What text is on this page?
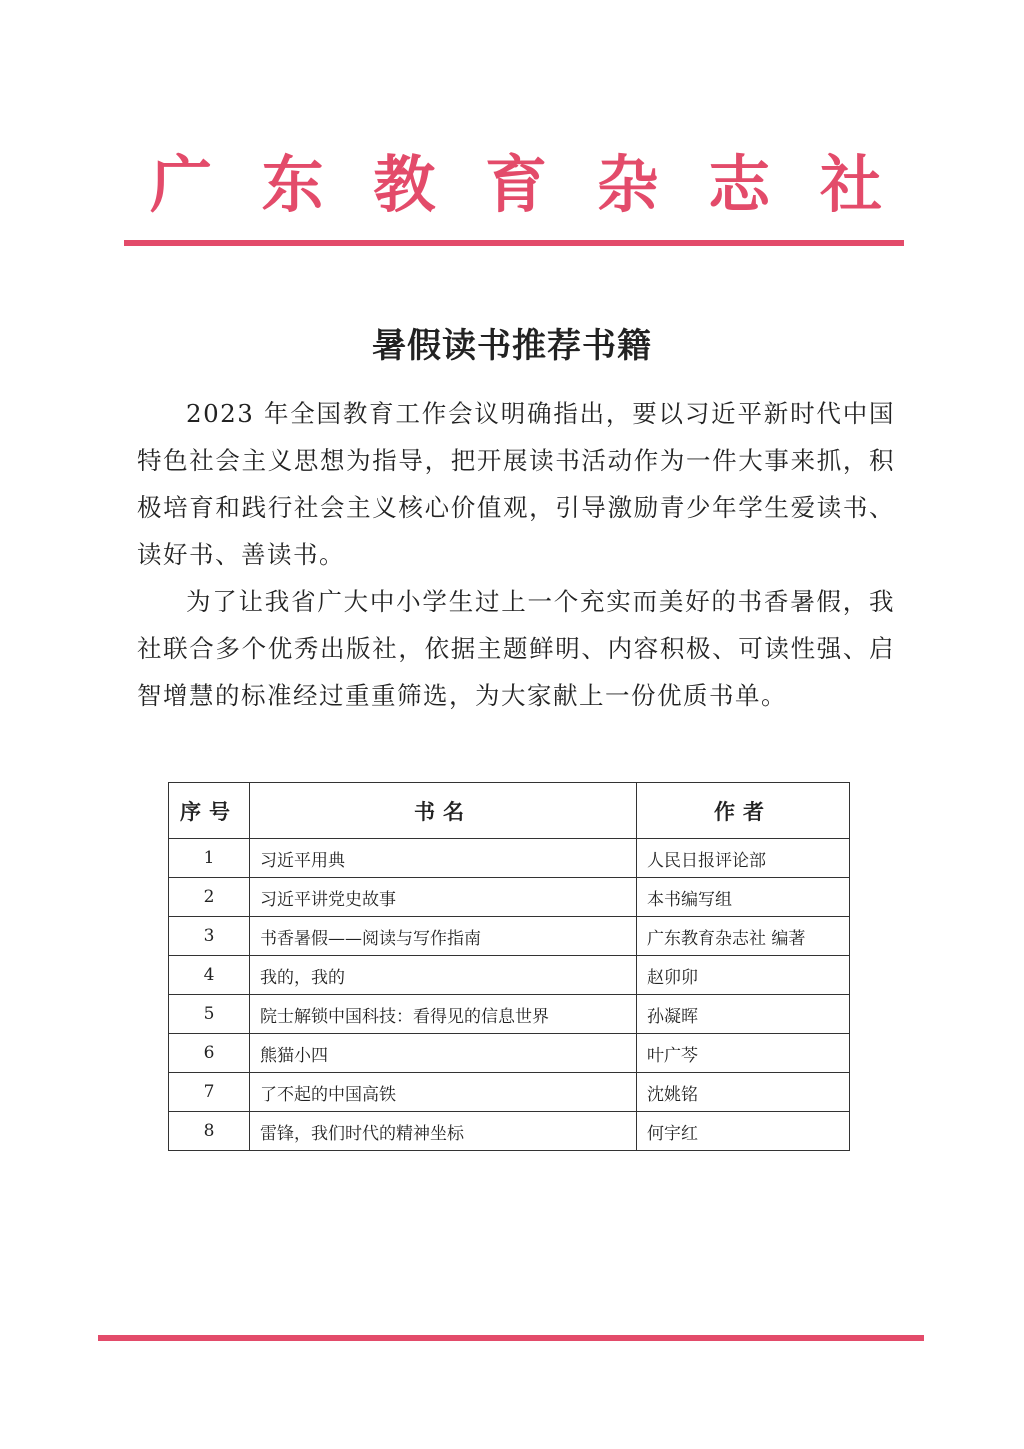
广 东 教 育 杂 志 社
暑假读书推荐书籍

2023 年全国教育工作会议明确指出，要以习近平新时代中国特色社会主义思想为指导，把开展读书活动作为一件大事来抓，积极培育和践行社会主义核心价值观，引导激励青少年学生爱读书、读好书、善读书。

为了让我省广大中小学生过上一个充实而美好的书香暑假，我社联合多个优秀出版社，依据主题鲜明、内容积极、可读性强、启智增慧的标准经过重重筛选，为大家献上一份优质书单。

序号	书名	作者
1	习近平用典	人民日报评论部
2	习近平讲党史故事	本书编写组
3	书香暑假——阅读与写作指南	广东教育杂志社 编著
4	我的，我的	赵卯卯
5	院士解锁中国科技：看得见的信息世界	孙凝晖
6	熊猫小四	叶广芩
7	了不起的中国高铁	沈姚铭
8	雷锋，我们时代的精神坐标	何宇红
